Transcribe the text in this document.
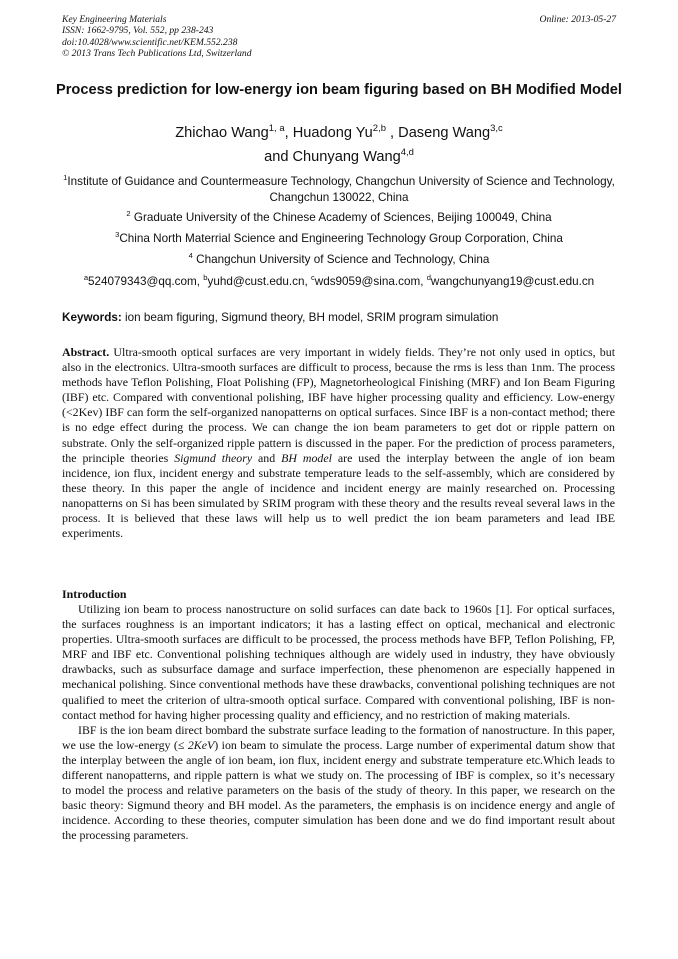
Key Engineering Materials
ISSN: 1662-9795, Vol. 552, pp 238-243
doi:10.4028/www.scientific.net/KEM.552.238
© 2013 Trans Tech Publications Ltd, Switzerland
Online: 2013-05-27
Process prediction for low-energy ion beam figuring based on BH Modified Model
Zhichao Wang$^{1, a}$, Huadong Yu$^{2,b}$ , Daseng Wang$^{3,c}$
and Chunyang Wang$^{4,d}$
$^1$Institute of Guidance and Countermeasure Technology, Changchun University of Science and Technology, Changchun 130022, China
$^2$ Graduate University of the Chinese Academy of Sciences, Beijing 100049, China
$^3$China North Materrial Science and Engineering Technology Group Corporation, China
$^4$ Changchun University of Science and Technology, China
$^a$524079343@qq.com, $^b$yuhd@cust.edu.cn, $^c$wds9059@sina.com, $^d$wangchunyang19@cust.edu.cn
Keywords: ion beam figuring, Sigmund theory, BH model, SRIM program simulation

Abstract. Ultra-smooth optical surfaces are very important in widely fields. They’re not only used in optics, but also in the electronics. Ultra-smooth surfaces are difficult to process, because the rms is less than 1nm. The process methods have Teflon Polishing, Float Polishing (FP), Magnetorheological Finishing (MRF) and Ion Beam Figuring (IBF) etc. Compared with conventional polishing, IBF have higher processing quality and efficiency. Low-energy (<2Kev) IBF can form the self-organized nanopatterns on optical surfaces. Since IBF is a non-contact method; there is no edge effect during the process. We can change the ion beam parameters to get dot or ripple pattern on substrate. Only the self-organized ripple pattern is discussed in the paper. For the prediction of process parameters, the principle theories Sigmund theory and BH model are used the interplay between the angle of ion beam incidence, ion flux, incident energy and substrate temperature leads to the self-assembly, which are considered by these theory. In this paper the angle of incidence and incident energy are mainly researched on. Processing nanopatterns on Si has been simulated by SRIM program with these theory and the results reveal several laws in the process. It is believed that these laws will help us to well predict the ion beam parameters and lead IBE experiments.

Introduction

Utilizing ion beam to process nanostructure on solid surfaces can date back to 1960s [1]. For optical surfaces, the surfaces roughness is an important indicators; it has a lasting effect on optical, mechanical and electronic properties. Ultra-smooth surfaces are difficult to be processed, the process methods have BFP, Teflon Polishing, FP, MRF and IBF etc. Conventional polishing techniques although are widely used in industry, they have obviously drawbacks, such as subsurface damage and surface imperfection, these phenomenon are especially happened in mechanical polishing. Since conventional methods have these drawbacks, conventional polishing techniques are not qualified to meet the criterion of ultra-smooth optical surface. Compared with conventional polishing, IBF is non-contact method for having higher processing quality and efficiency, and no restriction of making materials.

IBF is the ion beam direct bombard the substrate surface leading to the formation of nanostructure. In this paper, we use the low-energy (≤ 2KeV) ion beam to simulate the process. Large number of experimental datum show that the interplay between the angle of ion beam, ion flux, incident energy and substrate temperature etc.Which leads to different nanopatterns, and ripple pattern is what we study on. The processing of IBF is complex, so it’s necessary to model the process and relative parameters on the basis of the study of theory. In this paper, we research on the basic theory: Sigmund theory and BH model. As the parameters, the emphasis is on incidence energy and angle of incidence. According to these theories, computer simulation has been done and we do find important result about the processing parameters.
